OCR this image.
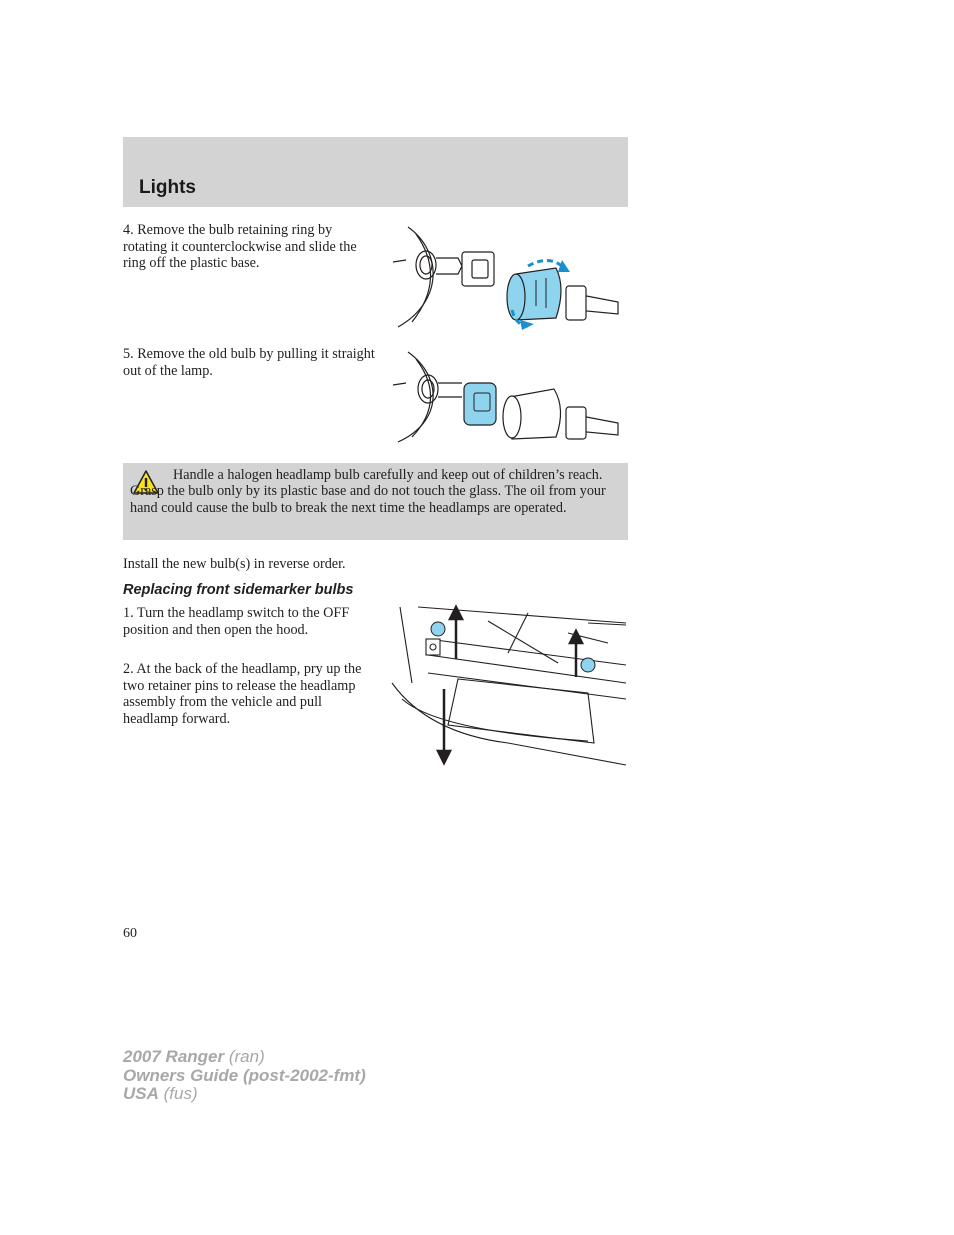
Lights

4. Remove the bulb retaining ring by rotating it counterclockwise and slide the ring off the plastic base.

5. Remove the old bulb by pulling it straight out of the lamp.

Handle a halogen headlamp bulb carefully and keep out of children’s reach. Grasp the bulb only by its plastic base and do not touch the glass. The oil from your hand could cause the bulb to break the next time the headlamps are operated.

Install the new bulb(s) in reverse order.

Replacing front sidemarker bulbs

1. Turn the headlamp switch to the OFF position and then open the hood.

2. At the back of the headlamp, pry up the two retainer pins to release the headlamp assembly from the vehicle and pull headlamp forward.

60
2007 Ranger (ran)
Owners Guide (post-2002-fmt)
USA (fus)
